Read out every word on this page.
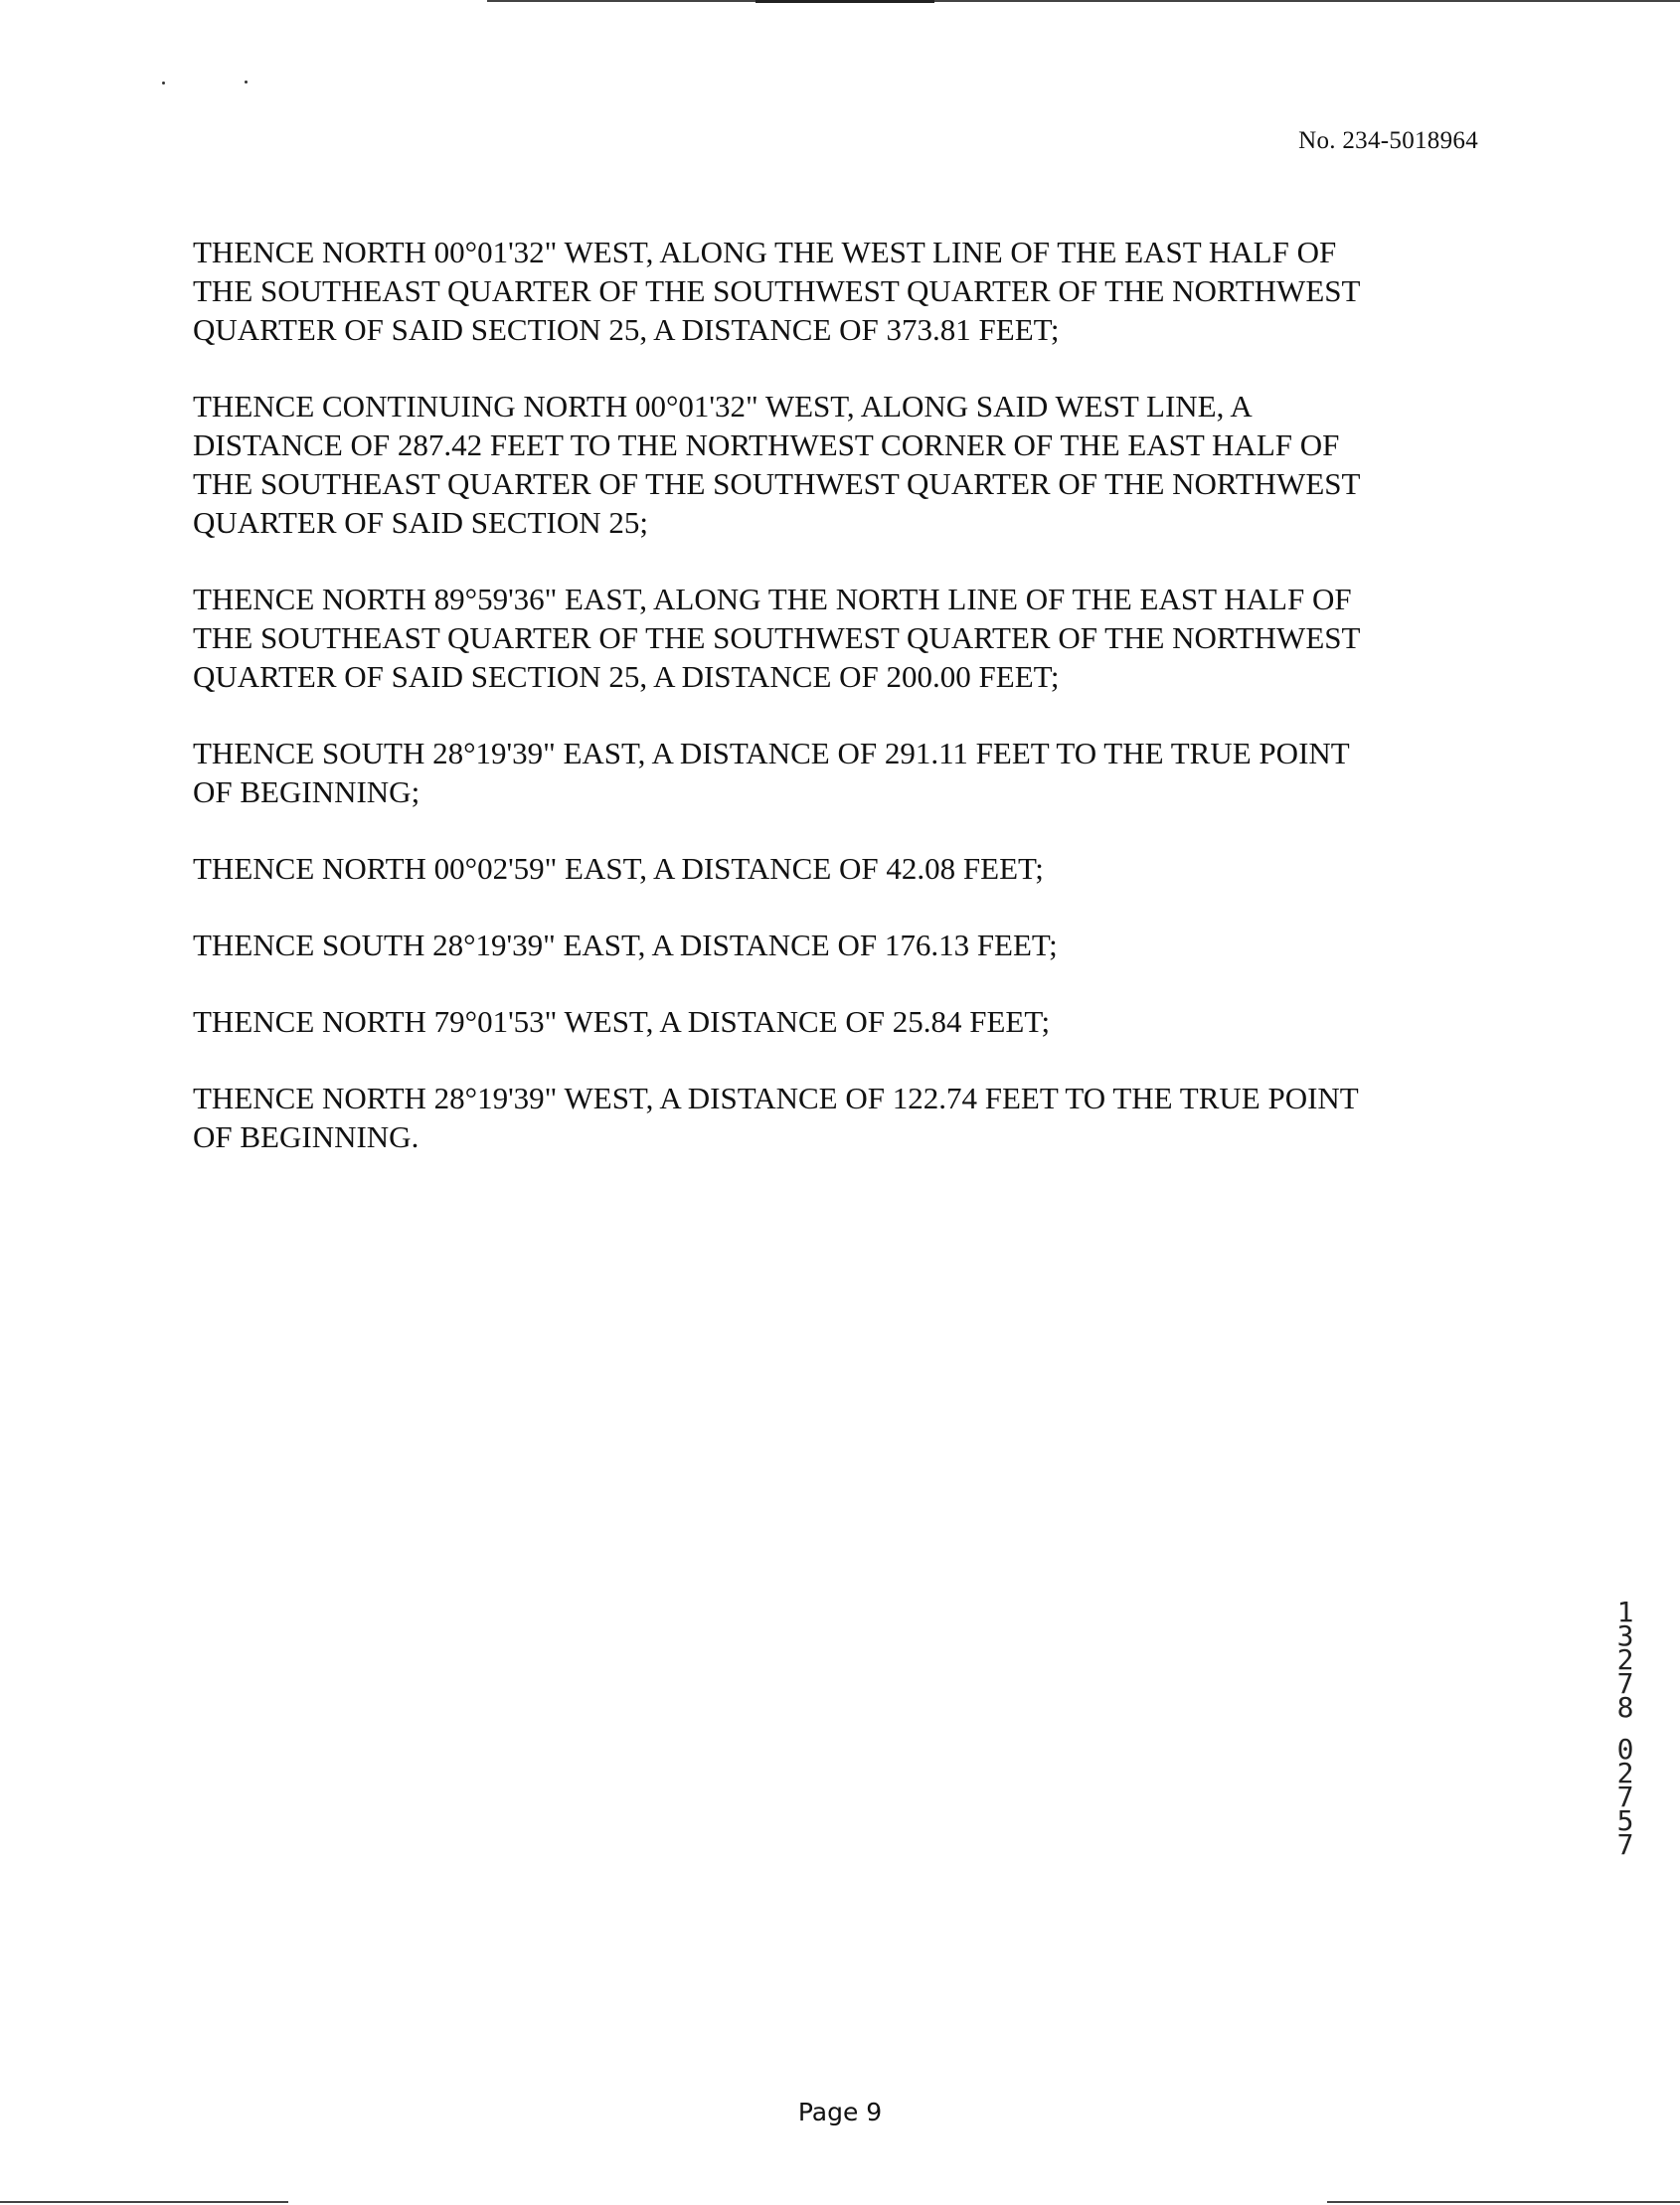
No. 234-5018964

THENCE NORTH 00°01'32" WEST, ALONG THE WEST LINE OF THE EAST HALF OF
THE SOUTHEAST QUARTER OF THE SOUTHWEST QUARTER OF THE NORTHWEST
QUARTER OF SAID SECTION 25, A DISTANCE OF 373.81 FEET;

THENCE CONTINUING NORTH 00°01'32" WEST, ALONG SAID WEST LINE, A
DISTANCE OF 287.42 FEET TO THE NORTHWEST CORNER OF THE EAST HALF OF
THE SOUTHEAST QUARTER OF THE SOUTHWEST QUARTER OF THE NORTHWEST
QUARTER OF SAID SECTION 25;

THENCE NORTH 89°59'36" EAST, ALONG THE NORTH LINE OF THE EAST HALF OF
THE SOUTHEAST QUARTER OF THE SOUTHWEST QUARTER OF THE NORTHWEST
QUARTER OF SAID SECTION 25, A DISTANCE OF 200.00 FEET;

THENCE SOUTH 28°19'39" EAST, A DISTANCE OF 291.11 FEET TO THE TRUE POINT
OF BEGINNING;

THENCE NORTH 00°02'59" EAST, A DISTANCE OF 42.08 FEET;

THENCE SOUTH 28°19'39" EAST, A DISTANCE OF 176.13 FEET;

THENCE NORTH 79°01'53" WEST, A DISTANCE OF 25.84 FEET;

THENCE NORTH 28°19'39" WEST, A DISTANCE OF 122.74 FEET TO THE TRUE POINT
OF BEGINNING.

1
3
2
7
8
0
2
7
5
7
Page 9
